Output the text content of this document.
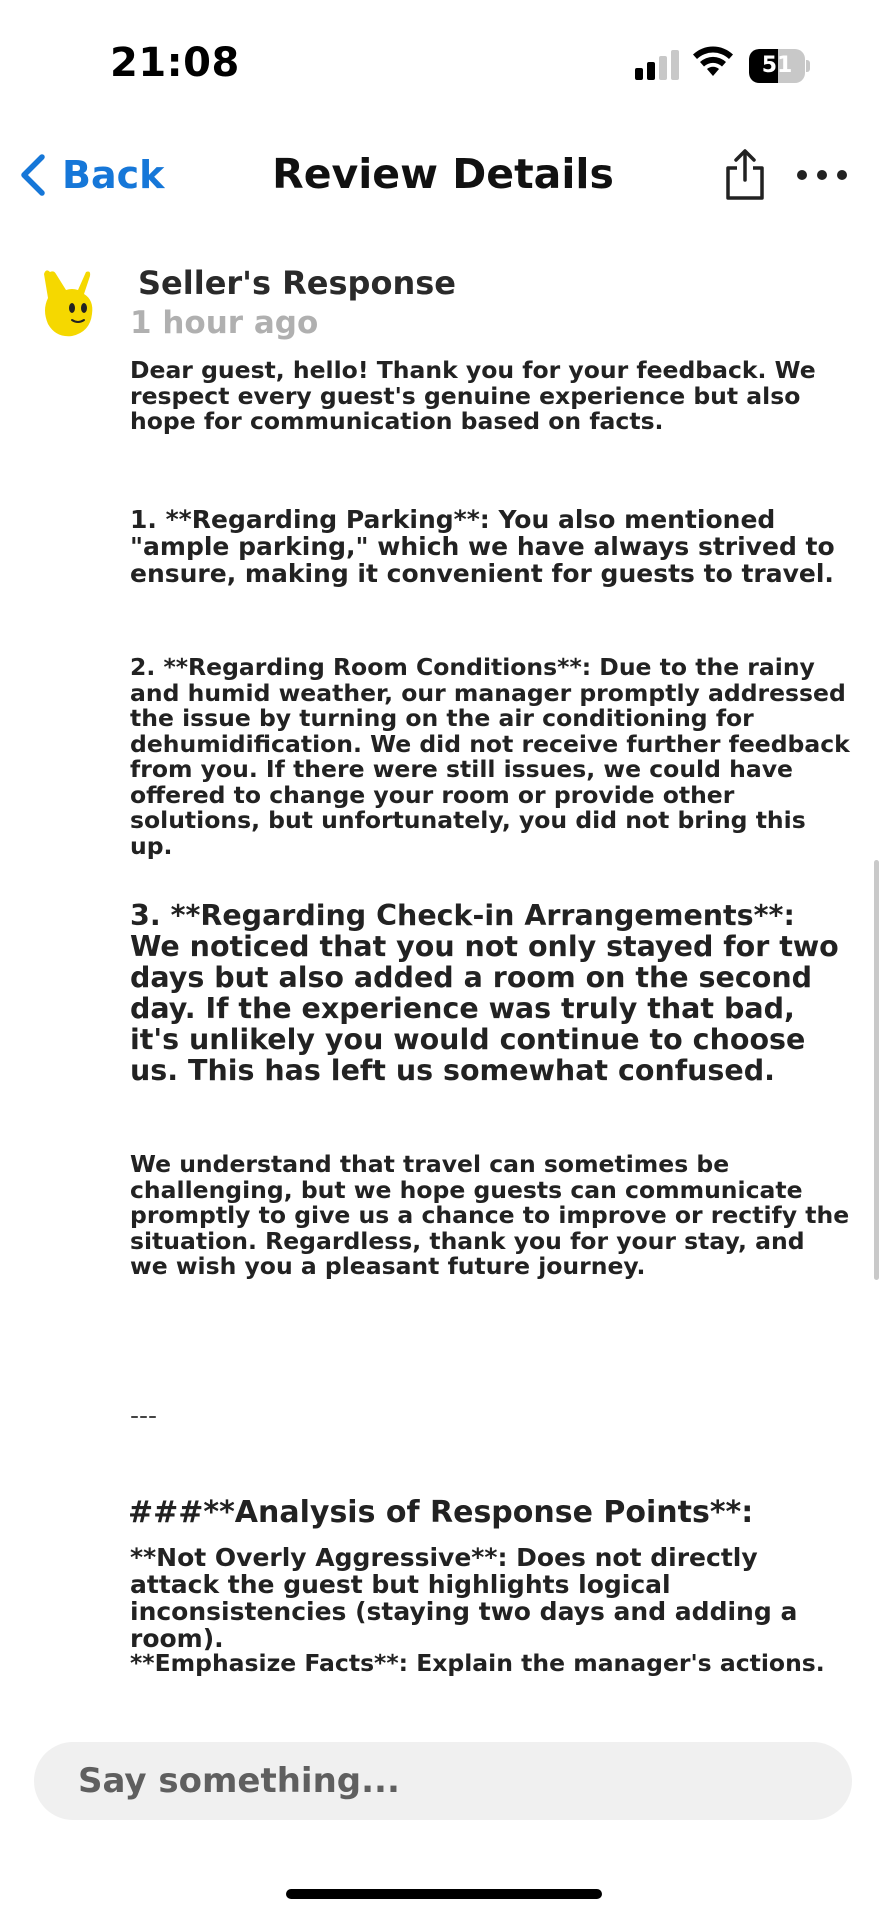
21:08	51
Back	Review Details
Seller's Response
1 hour ago
Dear guest, hello! Thank you for your feedback. We respect every guest's genuine experience but also hope for communication based on facts.
1. **Regarding Parking**: You also mentioned "ample parking," which we have always strived to ensure, making it convenient for guests to travel.
2. **Regarding Room Conditions**: Due to the rainy and humid weather, our manager promptly addressed the issue by turning on the air conditioning for dehumidification. We did not receive further feedback from you. If there were still issues, we could have offered to change your room or provide other solutions, but unfortunately, you did not bring this up.
3. **Regarding Check-in Arrangements**: We noticed that you not only stayed for two days but also added a room on the second day. If the experience was truly that bad, it's unlikely you would continue to choose us. This has left us somewhat confused.
We understand that travel can sometimes be challenging, but we hope guests can communicate promptly to give us a chance to improve or rectify the situation. Regardless, thank you for your stay, and we wish you a pleasant future journey.
---
###**Analysis of Response Points**:
**Not Overly Aggressive**: Does not directly attack the guest but highlights logical inconsistencies (staying two days and adding a room).
**Emphasize Facts**: Explain the manager's actions.
Say something...
